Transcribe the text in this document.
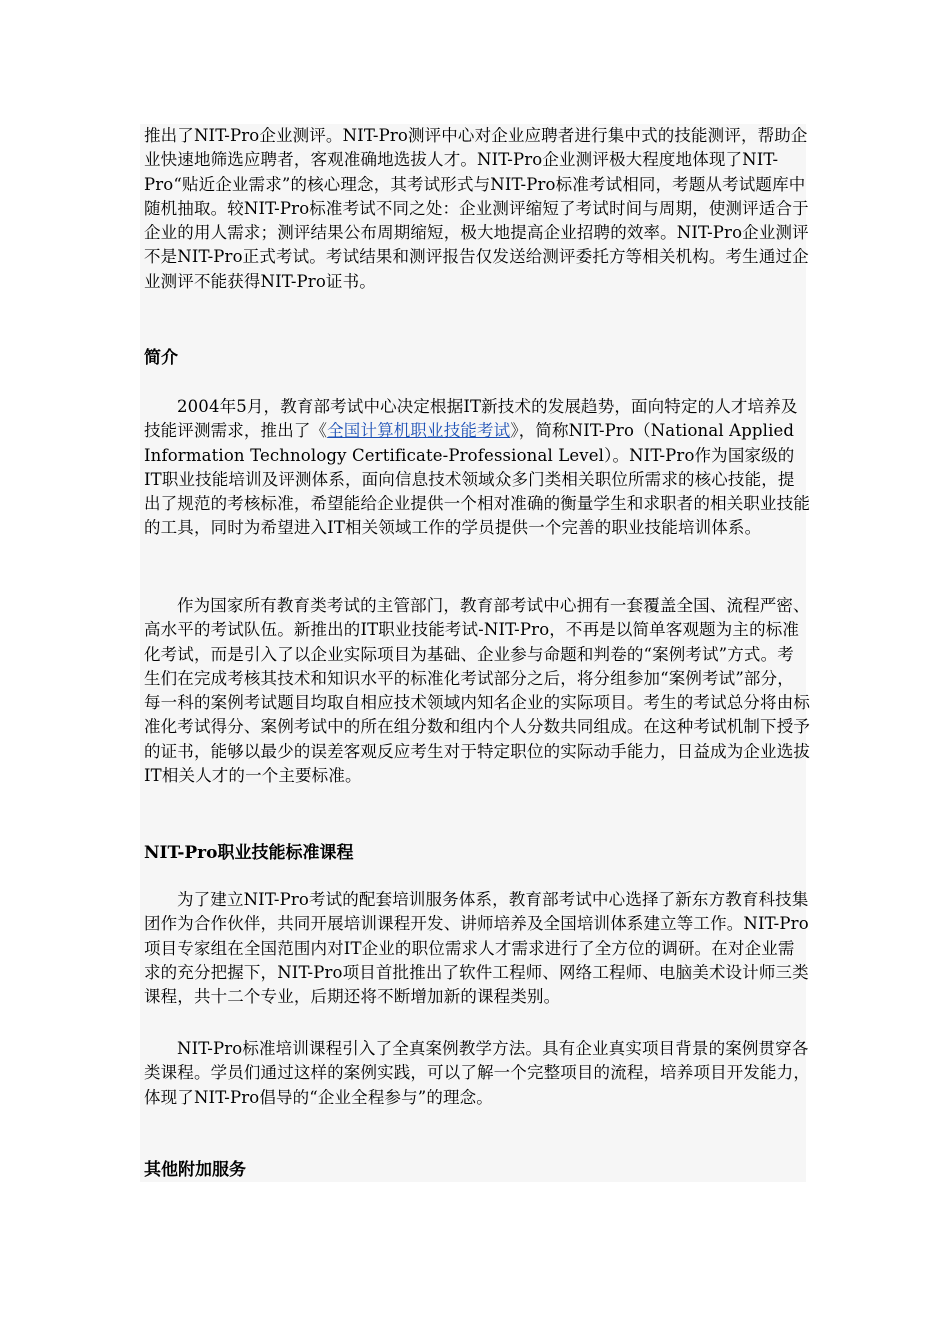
推出了NIT-Pro企业测评。NIT-Pro测评中心对企业应聘者进行集中式的技能测评，帮助企业快速地筛选应聘者，客观准确地选拔人才。NIT-Pro企业测评极大程度地体现了NIT-Pro“贴近企业需求”的核心理念，其考试形式与NIT-Pro标准考试相同，考题从考试题库中随机抽取。较NIT-Pro标准考试不同之处：企业测评缩短了考试时间与周期，使测评适合于企业的用人需求；测评结果公布周期缩短，极大地提高企业招聘的效率。NIT-Pro企业测评不是NIT-Pro正式考试。考试结果和测评报告仅发送给测评委托方等相关机构。考生通过企业测评不能获得NIT-Pro证书。

简介

2004年5月，教育部考试中心决定根据IT新技术的发展趋势，面向特定的人才培养及技能评测需求，推出了《全国计算机职业技能考试》，简称NIT-Pro（National Applied Information Technology Certificate-Professional Level）。NIT-Pro作为国家级的IT职业技能培训及评测体系，面向信息技术领域众多门类相关职位所需求的核心技能，提出了规范的考核标准，希望能给企业提供一个相对准确的衡量学生和求职者的相关职业技能的工具，同时为希望进入IT相关领域工作的学员提供一个完善的职业技能培训体系。

作为国家所有教育类考试的主管部门，教育部考试中心拥有一套覆盖全国、流程严密、高水平的考试队伍。新推出的IT职业技能考试-NIT-Pro，不再是以简单客观题为主的标准化考试，而是引入了以企业实际项目为基础、企业参与命题和判卷的“案例考试”方式。考生们在完成考核其技术和知识水平的标准化考试部分之后，将分组参加“案例考试”部分，每一科的案例考试题目均取自相应技术领域内知名企业的实际项目。考生的考试总分将由标准化考试得分、案例考试中的所在组分数和组内个人分数共同组成。在这种考试机制下授予的证书，能够以最少的误差客观反应考生对于特定职位的实际动手能力，日益成为企业选拔IT相关人才的一个主要标准。

NIT-Pro职业技能标准课程

为了建立NIT-Pro考试的配套培训服务体系，教育部考试中心选择了新东方教育科技集团作为合作伙伴，共同开展培训课程开发、讲师培养及全国培训体系建立等工作。NIT-Pro项目专家组在全国范围内对IT企业的职位需求人才需求进行了全方位的调研。在对企业需求的充分把握下，NIT-Pro项目首批推出了软件工程师、网络工程师、电脑美术设计师三类课程，共十二个专业，后期还将不断增加新的课程类别。

NIT-Pro标准培训课程引入了全真案例教学方法。具有企业真实项目背景的案例贯穿各类课程。学员们通过这样的案例实践，可以了解一个完整项目的流程，培养项目开发能力，体现了NIT-Pro倡导的“企业全程参与”的理念。

其他附加服务
